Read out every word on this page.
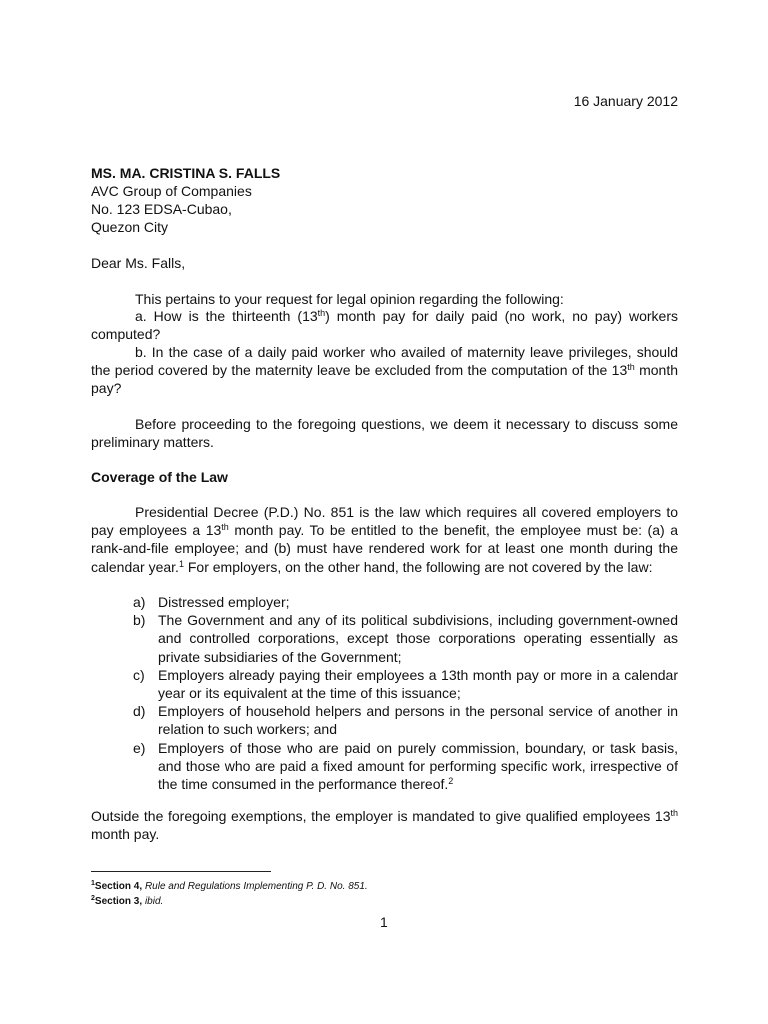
16 January 2012
MS. MA. CRISTINA S. FALLS
AVC Group of Companies
No. 123 EDSA-Cubao,
Quezon City
Dear Ms. Falls,
This pertains to your request for legal opinion regarding the following:
a. How is the thirteenth (13th) month pay for daily paid (no work, no pay) workers computed?
b. In the case of a daily paid worker who availed of maternity leave privileges, should the period covered by the maternity leave be excluded from the computation of the 13th month pay?
Before proceeding to the foregoing questions, we deem it necessary to discuss some preliminary matters.
Coverage of the Law
Presidential Decree (P.D.) No. 851 is the law which requires all covered employers to pay employees a 13th month pay. To be entitled to the benefit, the employee must be: (a) a rank-and-file employee; and (b) must have rendered work for at least one month during the calendar year.$^1$ For employers, on the other hand, the following are not covered by the law:
a) Distressed employer;
b) The Government and any of its political subdivisions, including government-owned and controlled corporations, except those corporations operating essentially as private subsidiaries of the Government;
c) Employers already paying their employees a 13th month pay or more in a calendar year or its equivalent at the time of this issuance;
d) Employers of household helpers and persons in the personal service of another in relation to such workers; and
e) Employers of those who are paid on purely commission, boundary, or task basis, and those who are paid a fixed amount for performing specific work, irrespective of the time consumed in the performance thereof.$^2$
Outside the foregoing exemptions, the employer is mandated to give qualified employees 13th month pay.
$^1$Section 4, Rule and Regulations Implementing P. D. No. 851.
$^2$Section 3, ibid.
1
